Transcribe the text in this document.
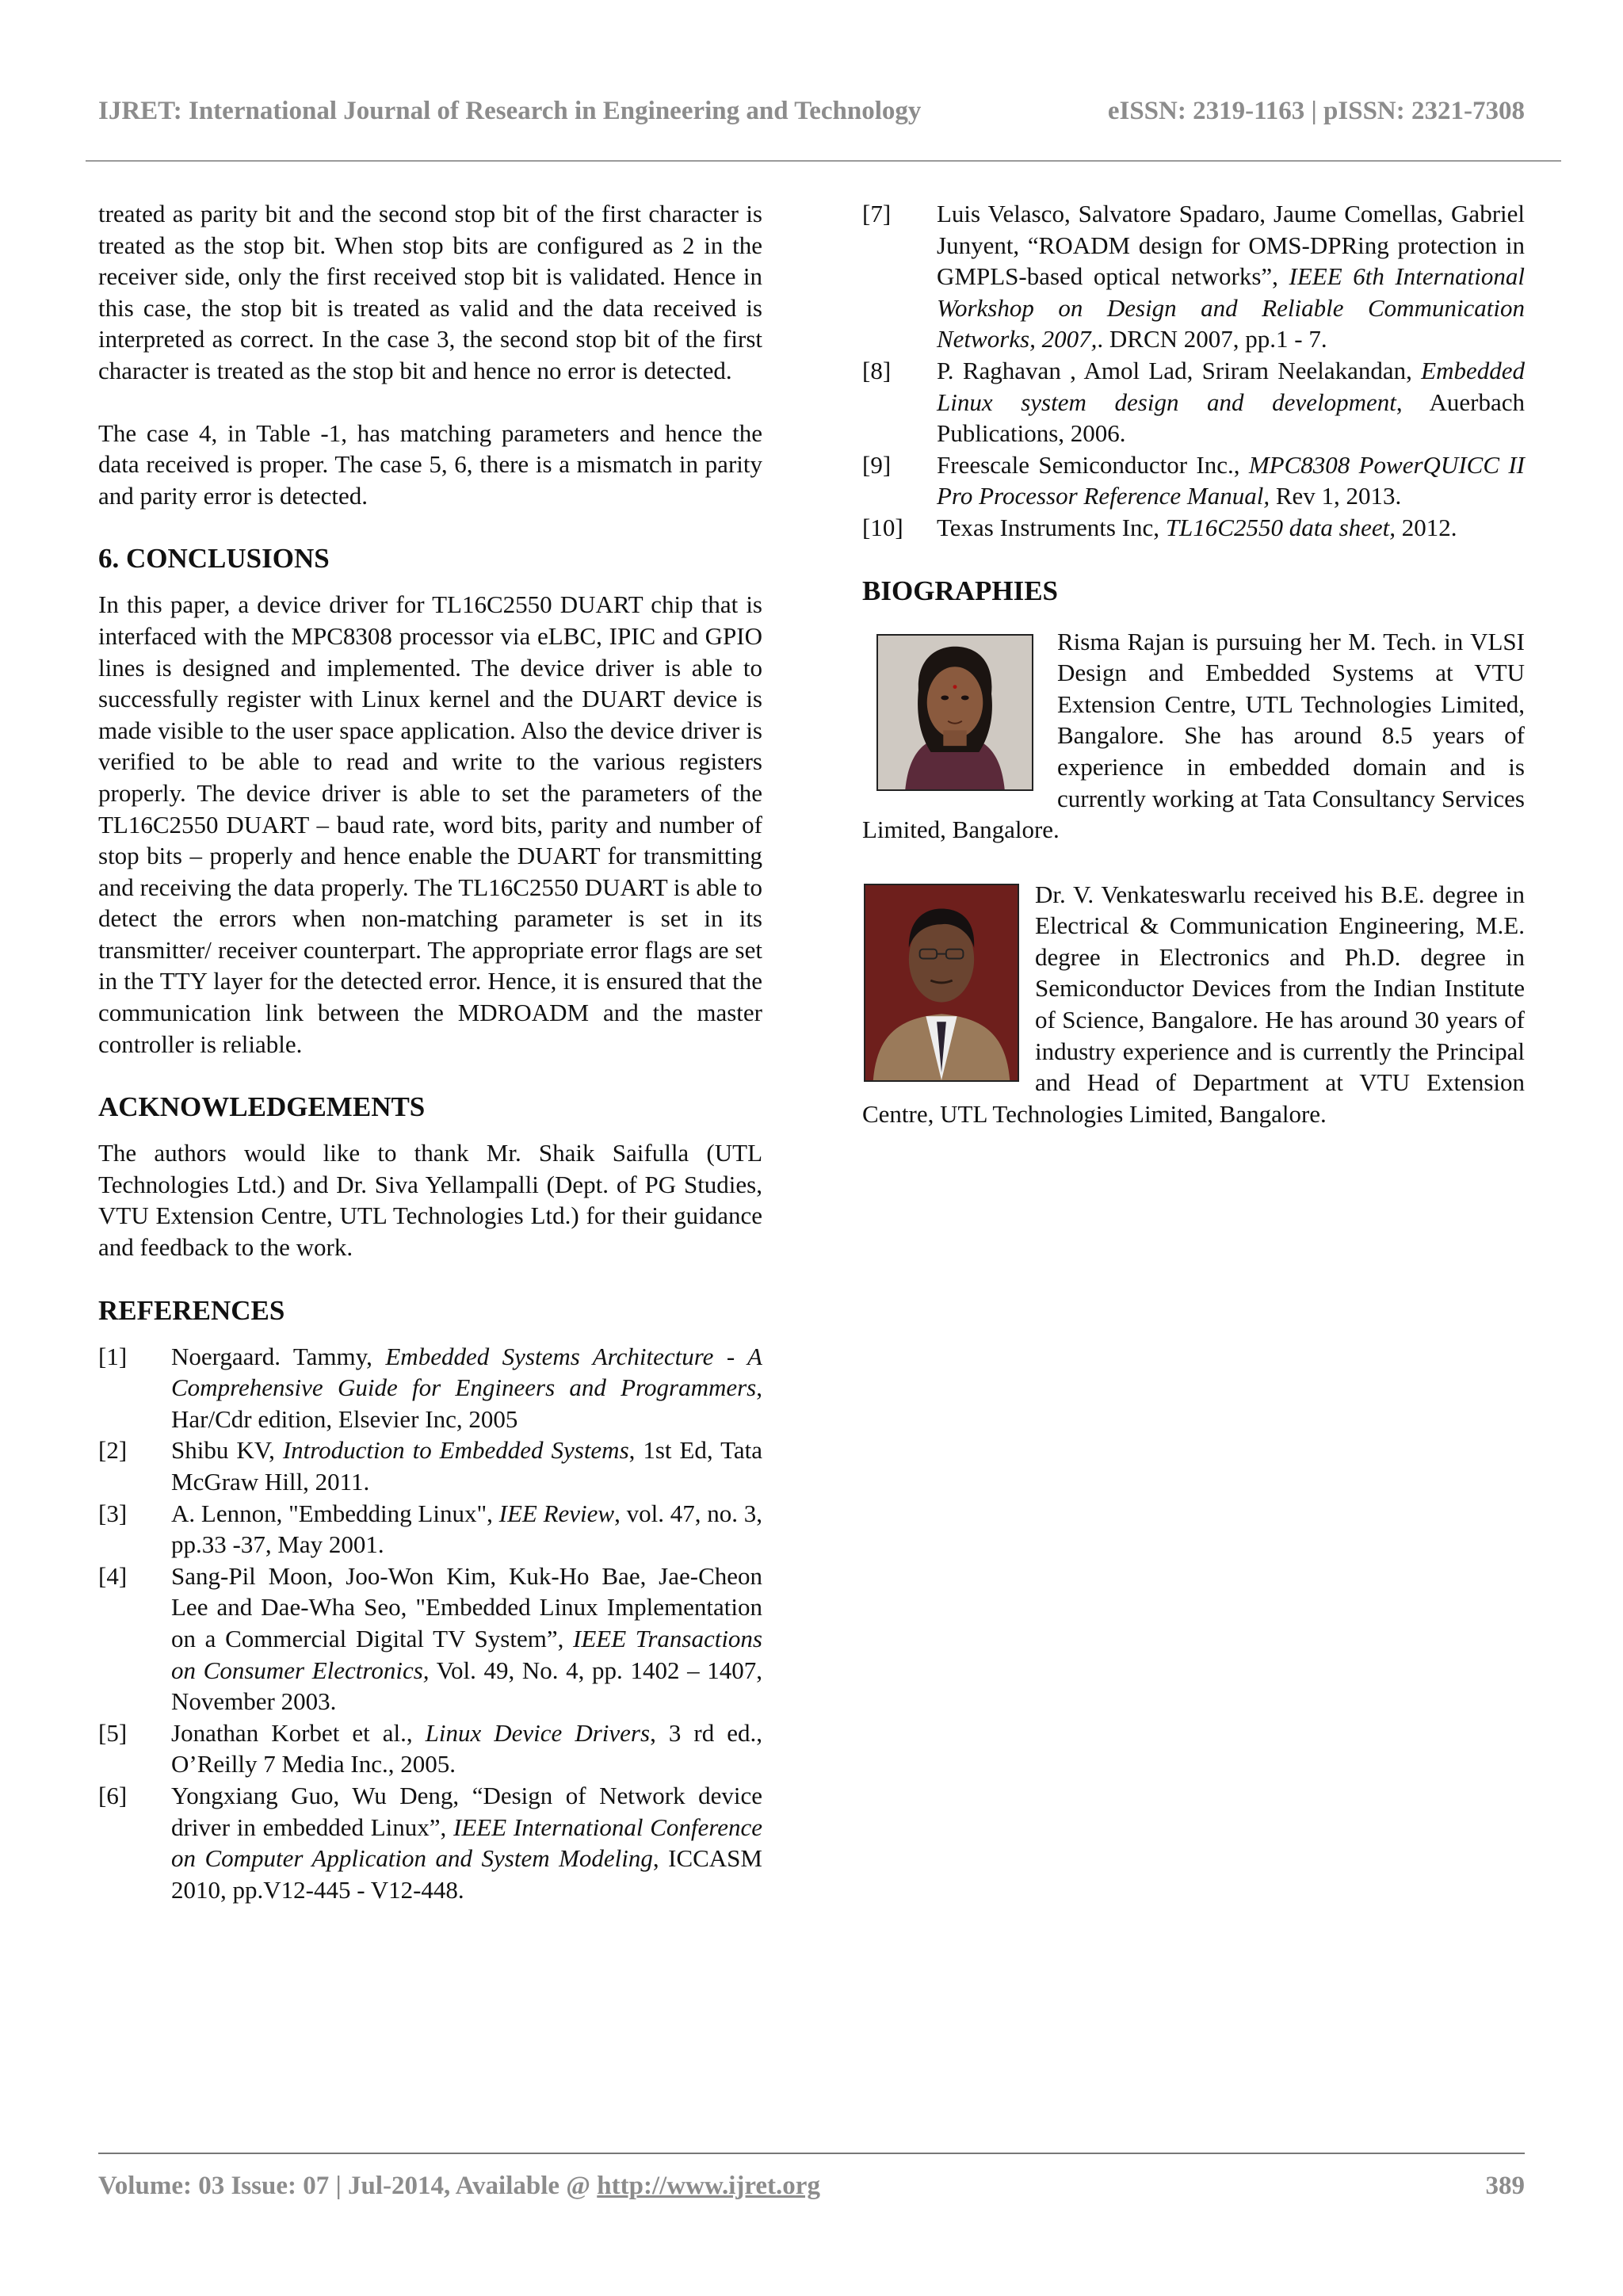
IJRET: International Journal of Research in Engineering and Technology	eISSN: 2319-1163 | pISSN: 2321-7308

treated as parity bit and the second stop bit of the first character is treated as the stop bit. When stop bits are configured as 2 in the receiver side, only the first received stop bit is validated. Hence in this case, the stop bit is treated as valid and the data received is interpreted as correct. In the case 3, the second stop bit of the first character is treated as the stop bit and hence no error is detected.

The case 4, in Table -1, has matching parameters and hence the data received is proper. The case 5, 6, there is a mismatch in parity and parity error is detected.

6. CONCLUSIONS

In this paper, a device driver for TL16C2550 DUART chip that is interfaced with the MPC8308 processor via eLBC, IPIC and GPIO lines is designed and implemented. The device driver is able to successfully register with Linux kernel and the DUART device is made visible to the user space application. Also the device driver is verified to be able to read and write to the various registers properly. The device driver is able to set the parameters of the TL16C2550 DUART – baud rate, word bits, parity and number of stop bits – properly and hence enable the DUART for transmitting and receiving the data properly. The TL16C2550 DUART is able to detect the errors when non-matching parameter is set in its transmitter/ receiver counterpart. The appropriate error flags are set in the TTY layer for the detected error. Hence, it is ensured that the communication link between the MDROADM and the master controller is reliable.

ACKNOWLEDGEMENTS

The authors would like to thank Mr. Shaik Saifulla (UTL Technologies Ltd.) and Dr. Siva Yellampalli (Dept. of PG Studies, VTU Extension Centre, UTL Technologies Ltd.) for their guidance and feedback to the work.

REFERENCES
[1]	Noergaard. Tammy, Embedded Systems Architecture - A Comprehensive Guide for Engineers and Programmers, Har/Cdr edition, Elsevier Inc, 2005
[2]	Shibu KV, Introduction to Embedded Systems, 1st Ed, Tata McGraw Hill, 2011.
[3]	A. Lennon, "Embedding Linux", IEE Review, vol. 47, no. 3, pp.33 -37, May 2001.
[4]	Sang-Pil Moon, Joo-Won Kim, Kuk-Ho Bae, Jae-Cheon Lee and Dae-Wha Seo, "Embedded Linux Implementation on a Commercial Digital TV System”, IEEE Transactions on Consumer Electronics, Vol. 49, No. 4, pp. 1402 – 1407, November 2003.
[5]	Jonathan Korbet et al., Linux Device Drivers, 3 rd ed., O’Reilly 7 Media Inc., 2005.
[6]	Yongxiang Guo, Wu Deng, “Design of Network device driver in embedded Linux”, IEEE International Conference on Computer Application and System Modeling, ICCASM 2010, pp.V12-445 - V12-448.
[7]	Luis Velasco, Salvatore Spadaro, Jaume Comellas, Gabriel Junyent, “ROADM design for OMS-DPRing protection in GMPLS-based optical networks”, IEEE 6th International Workshop on Design and Reliable Communication Networks, 2007,. DRCN 2007, pp.1 - 7.
[8]	P. Raghavan , Amol Lad, Sriram Neelakandan, Embedded Linux system design and development, Auerbach Publications, 2006.
[9]	Freescale Semiconductor Inc., MPC8308 PowerQUICC II Pro Processor Reference Manual, Rev 1, 2013.
[10]	Texas Instruments Inc, TL16C2550 data sheet, 2012.
BIOGRAPHIES

Risma Rajan is pursuing her M. Tech. in VLSI Design and Embedded Systems at VTU Extension Centre, UTL Technologies Limited, Bangalore. She has around 8.5 years of experience in embedded domain and is currently working at Tata Consultancy Services Limited, Bangalore.

Dr. V. Venkateswarlu received his B.E. degree in Electrical & Communication Engineering, M.E. degree in Electronics and Ph.D. degree in Semiconductor Devices from the Indian Institute of Science, Bangalore. He has around 30 years of industry experience and is currently the Principal and Head of Department at VTU Extension Centre, UTL Technologies Limited, Bangalore.

Volume: 03 Issue: 07 | Jul-2014, Available @ http://www.ijret.org	389
